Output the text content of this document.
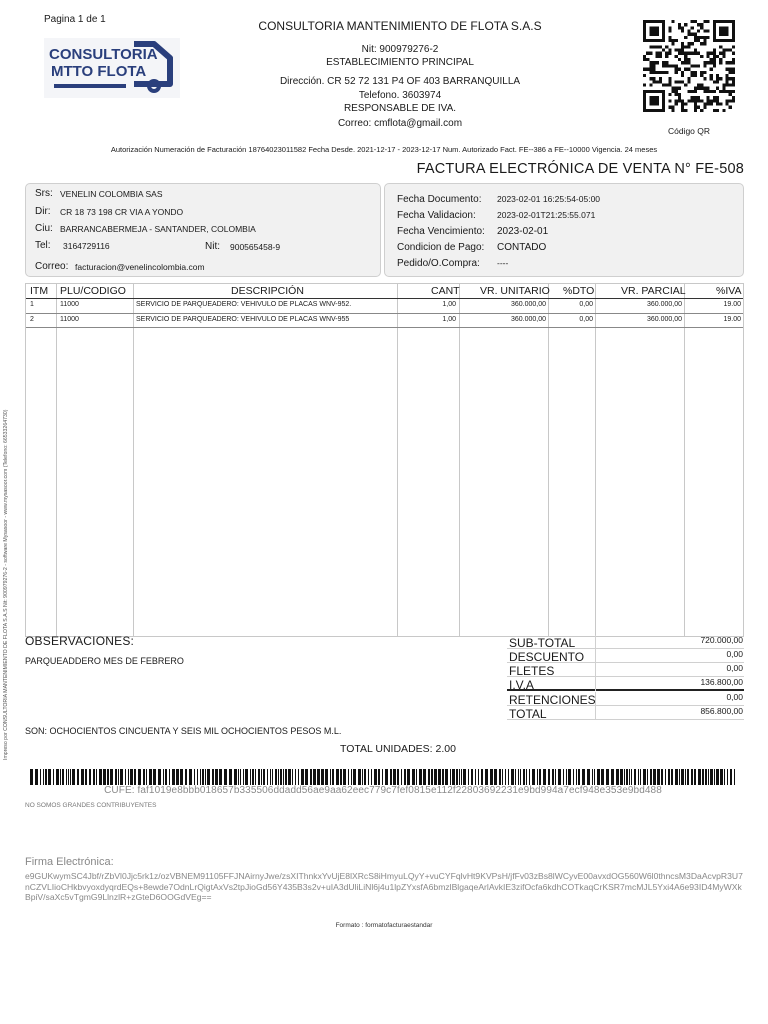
Pagina 1 de 1
CONSULTORIA
MTTO FLOTA
CONSULTORIA MANTENIMIENTO DE FLOTA S.A.S
Nit: 900979276-2
ESTABLECIMIENTO PRINCIPAL
Dirección. CR 52 72 131 P4 OF 403 BARRANQUILLA
Telefono. 3603974
RESPONSABLE DE IVA.
Correo: cmflota@gmail.com
Código QR
Autorización Numeración de Facturación 18764023011582 Fecha Desde. 2021-12-17 - 2023-12-17 Num. Autorizado Fact. FE--386 a FE--10000 Vigencia. 24 meses
FACTURA ELECTRÓNICA DE VENTA N° FE-508
Srs: VENELIN COLOMBIA SAS
Dir: CR 18 73 198 CR VIA A YONDO
Ciu: BARRANCABERMEJA - SANTANDER, COLOMBIA
Tel: 3164729116	Nit: 900565458-9
Correo: facturacion@venelincolombia.com
Fecha Documento: 2023-02-01 16:25:54-05:00
Fecha Validacion:	2023-02-01T21:25:55.071
Fecha Vencimiento: 2023-02-01
Condicion de Pago: CONTADO
Pedido/O.Compra: ----
ITM PLU/CODIGO	DESCRIPCIÓN	CANT VR. UNITARIO %DTO	VR. PARCIAL	%IVA
1	11000	SERVICIO DE PARQUEADERO: VEHIVULO DE PLACAS WNV-952.	1,00	360.000,00	0,00	360.000,00	19.00
2	11000	SERVICIO DE PARQUEADERO: VEHIVULO DE PLACAS WNV-955	1,00	360.000,00	0,00	360.000,00	19.00
OBSERVACIONES:
PARQUEADDERO MES DE FEBRERO
SUB-TOTAL	720.000,00
DESCUENTO	0,00
FLETES	0,00
I.V.A	136.800,00
RETENCIONES	0,00
TOTAL	856.800,00
SON: OCHOCIENTOS CINCUENTA Y SEIS MIL OCHOCIENTOS PESOS M.L.
TOTAL UNIDADES: 2.00
CUFE: faf1019e8bbb018657b335506ddadd56ae9aa62eec779c7fef0815e112f22803692231e9bd994a7ecf948e353e9bd488
NO SOMOS GRANDES CONTRIBUYENTES
Firma Electrónica:
e9GUKwymSC4Jbf/rZbVl0Jjc5rk1z/ozVBNEM91105FFJNAirnyJwe/zsXIThnkxYvUjE8lXRcS8iHmyuLQyY+vuCYFqlvHt9KVPsH/jfFv03zBs8lWCyvE00avxdOG560W6l0thncsM3DaAcvpR3U7nCZVLIioCHkbvyoxdyqrdEQs+8ewde7OdnLrQigtAxVs2tpJioGd56Y435B3s2v+uIA3dUliLiNl6j4u1lpZYxsfA6bmzlBlgaqeArlAvkIE3zifOcfa6kdhCOTkaqCrKSR7mcMJL5Yxi4A6e93ID4MyWXkBpiV/saXc5vTgmG9LlnzlR+zGteD6OOGdVEg==
Formato : formatofacturaestandar
Impreso por CONSULTORIA MANTENIMIENTO DE FLOTA S.A.S Nit: 900979276-2 - software Mysasoor - www.mysasoor.com (Telefono: 66533264730)
